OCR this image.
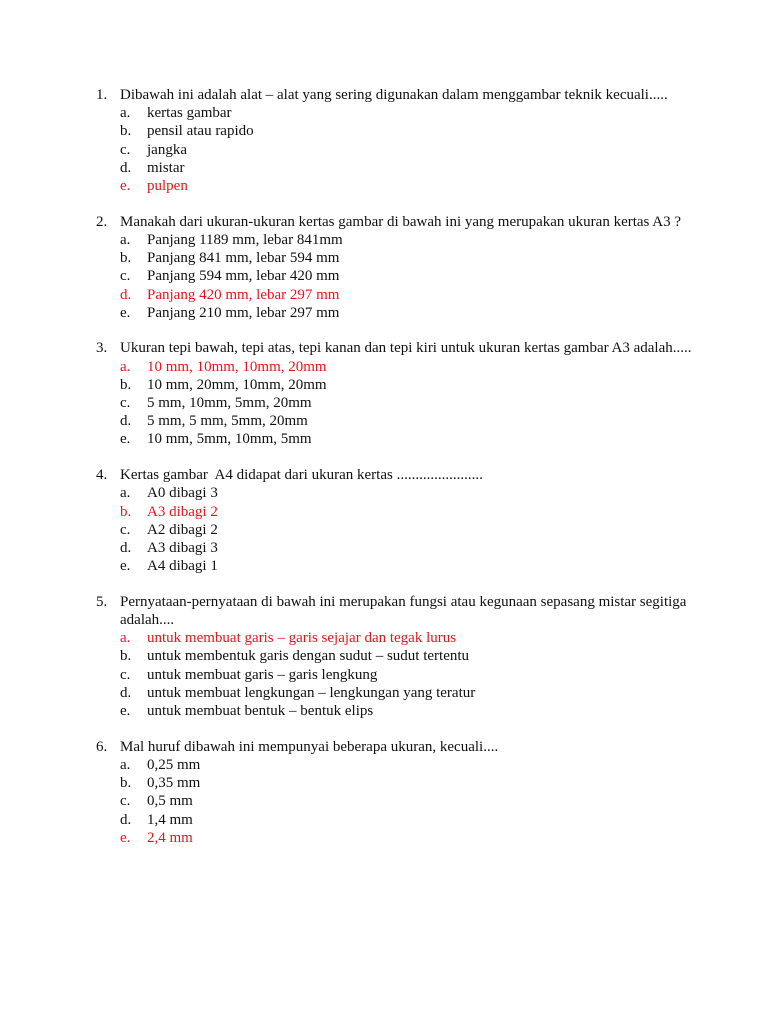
1. Dibawah ini adalah alat – alat yang sering digunakan dalam menggambar teknik kecuali.....
a.	kertas gambar
b.	pensil atau rapido
c.	jangka
d.	mistar
e.	pulpen
2. Manakah dari ukuran-ukuran kertas gambar di bawah ini yang merupakan ukuran kertas A3 ?
a.	Panjang 1189 mm, lebar 841mm
b.	Panjang 841 mm, lebar 594 mm
c.	Panjang 594 mm, lebar 420 mm
d.	Panjang 420 mm, lebar 297 mm
e.	Panjang 210 mm, lebar 297 mm
3. Ukuran tepi bawah, tepi atas, tepi kanan dan tepi kiri untuk ukuran kertas gambar A3 adalah.....
a.	10 mm, 10mm, 10mm, 20mm
b.	10 mm, 20mm, 10mm, 20mm
c.	5 mm, 10mm, 5mm, 20mm
d.	5 mm, 5 mm, 5mm, 20mm
e.	10 mm, 5mm, 10mm, 5mm
4. Kertas gambar  A4 didapat dari ukuran kertas .......................
a.	A0 dibagi 3
b.	A3 dibagi 2
c.	A2 dibagi 2
d.	A3 dibagi 3
e.	A4 dibagi 1
5. Pernyataan-pernyataan di bawah ini merupakan fungsi atau kegunaan sepasang mistar segitiga adalah....
a.	untuk membuat garis – garis sejajar dan tegak lurus
b.	untuk membentuk garis dengan sudut – sudut tertentu
c.	untuk membuat garis – garis lengkung
d.	untuk membuat lengkungan – lengkungan yang teratur
e.	untuk membuat bentuk – bentuk elips
6. Mal huruf dibawah ini mempunyai beberapa ukuran, kecuali....
a.	0,25 mm
b.	0,35 mm
c.	0,5 mm
d.	1,4 mm
e.	2,4 mm
